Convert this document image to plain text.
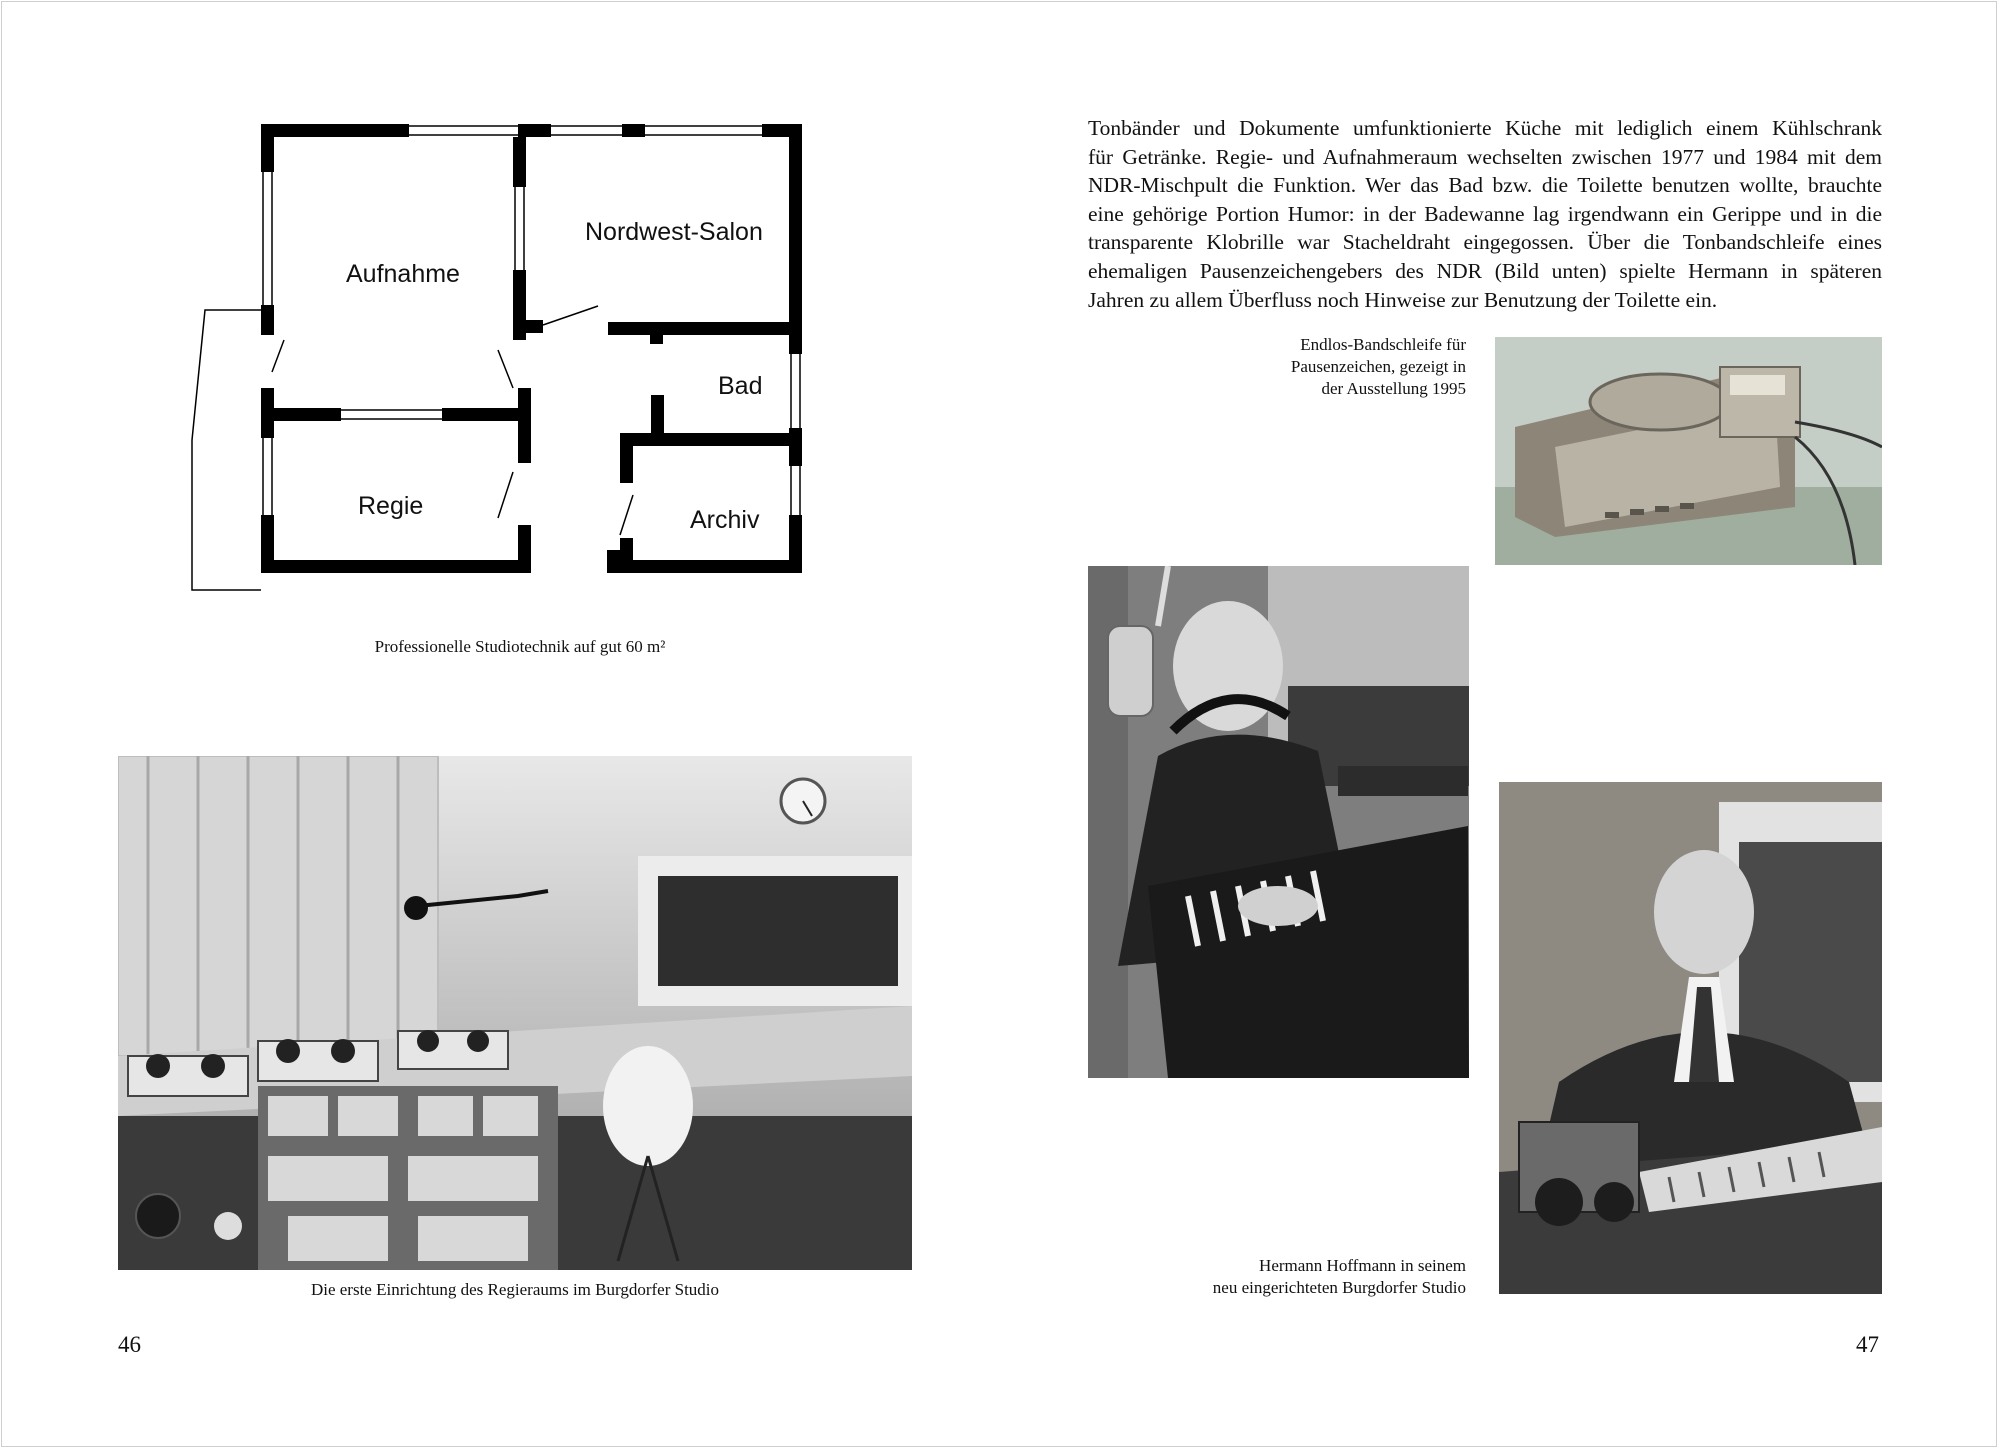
Aufnahme
Nordwest-Salon
Bad
Regie	Archiv
Professionelle Studiotechnik auf gut 60 m²
Die erste Einrichtung des Regieraums im Burgdorfer Studio
46
Tonbänder und Dokumente umfunktionierte Küche mit lediglich einem Kühlschrank
für Getränke. Regie- und Aufnahmeraum wechselten zwischen 1977 und 1984 mit dem
NDR-Mischpult die Funktion. Wer das Bad bzw. die Toilette benutzen wollte, brauchte
eine gehörige Portion Humor: in der Badewanne lag irgendwann ein Gerippe und in die
transparente Klobrille war Stacheldraht eingegossen. Über die Tonbandschleife eines
ehemaligen Pausenzeichengebers des NDR (Bild unten) spielte Hermann in späteren
Jahren zu allem Überfluss noch Hinweise zur Benutzung der Toilette ein.
Endlos-Bandschleife für
Pausenzeichen, gezeigt in
der Ausstellung 1995
Hermann Hoffmann in seinem
neu eingerichteten Burgdorfer Studio
47
